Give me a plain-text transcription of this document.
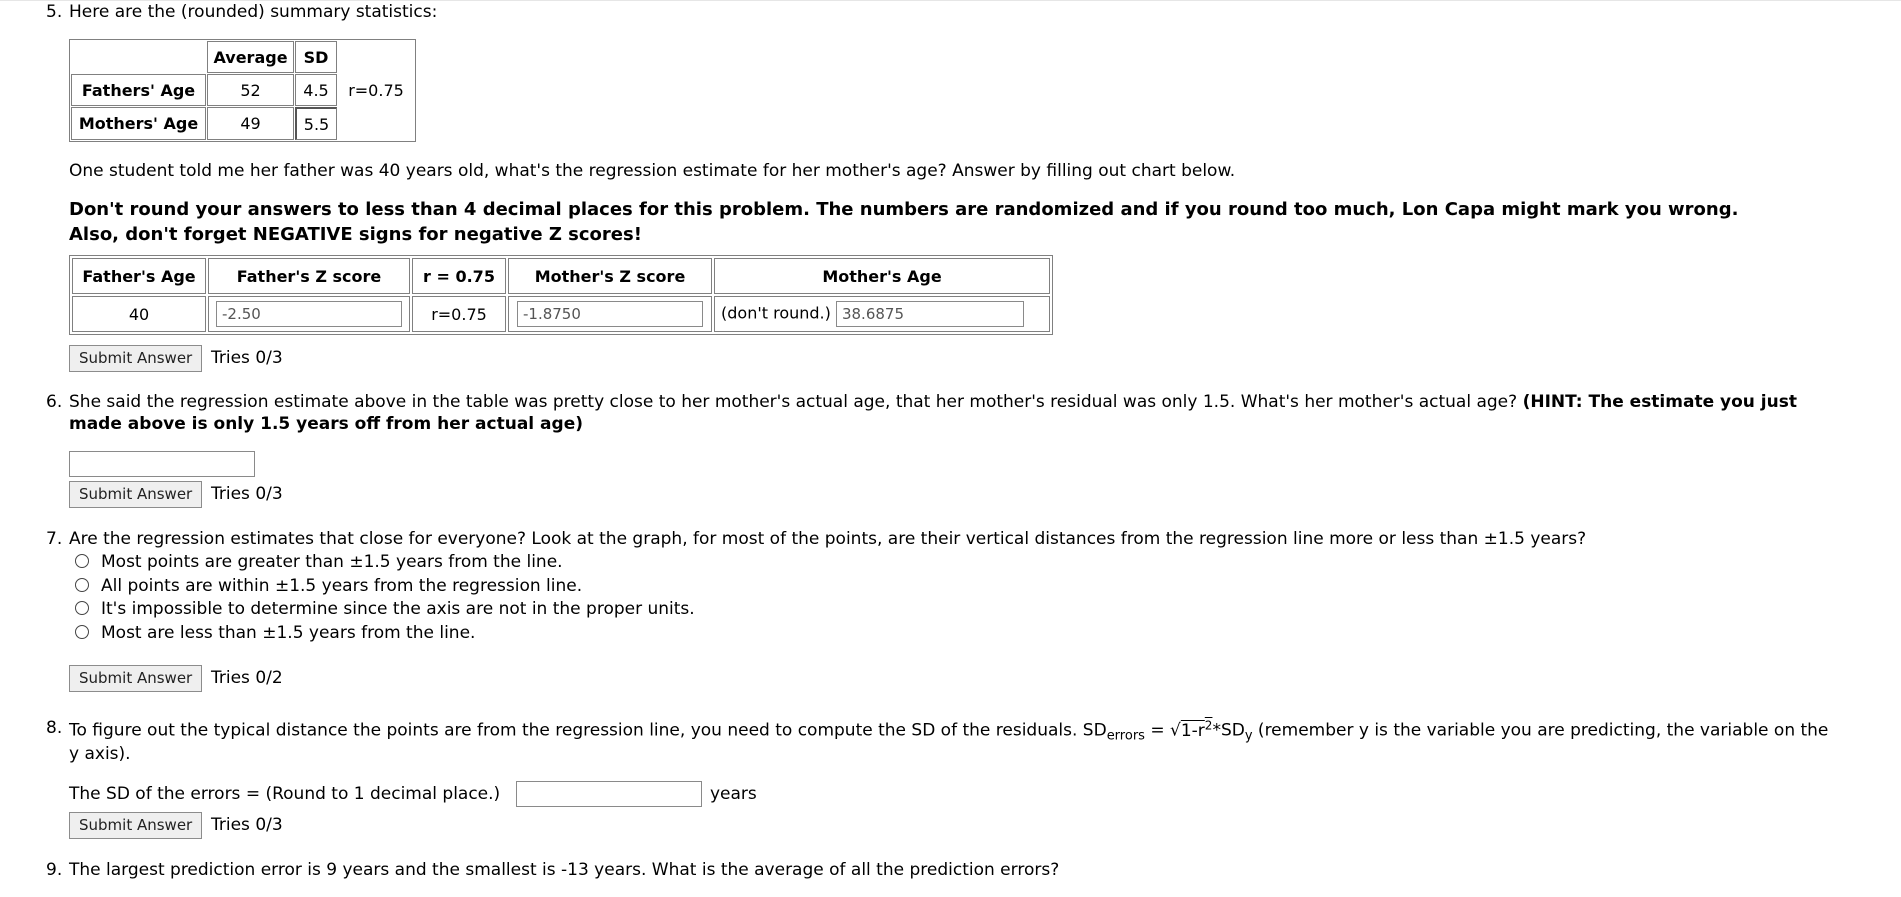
5. Here are the (rounded) summary statistics:
	Average	SD	
Fathers' Age	52	4.5	r=0.75
Mothers' Age	49	5.5	
One student told me her father was 40 years old, what's the regression estimate for her mother's age? Answer by filling out chart below.
Don't round your answers to less than 4 decimal places for this problem. The numbers are randomized and if you round too much, Lon Capa might mark you wrong.
Also, don't forget NEGATIVE signs for negative Z scores!
Father's Age	Father's Z score	r = 0.75	Mother's Z score	Mother's Age
40	-2.50	r=0.75	-1.8750	(don't round.) 38.6875
Submit Answer	Tries 0/3
6. She said the regression estimate above in the table was pretty close to her mother's actual age, that her mother's residual was only 1.5. What's her mother's actual age? (HINT: The estimate you just
made above is only 1.5 years off from her actual age)
Submit Answer	Tries 0/3
7. Are the regression estimates that close for everyone? Look at the graph, for most of the points, are their vertical distances from the regression line more or less than ±1.5 years?
Most points are greater than ±1.5 years from the line.
All points are within ±1.5 years from the regression line.
It's impossible to determine since the axis are not in the proper units.
Most are less than ±1.5 years from the line.
Submit Answer	Tries 0/2
8. To figure out the typical distance the points are from the regression line, you need to compute the SD of the residuals. $SD_{errors} = √1-r^2*SD_y$ (remember y is the variable you are predicting, the variable on the
y axis).
The SD of the errors = (Round to 1 decimal place.)	years
Submit Answer	Tries 0/3
9. The largest prediction error is 9 years and the smallest is -13 years. What is the average of all the prediction errors?
